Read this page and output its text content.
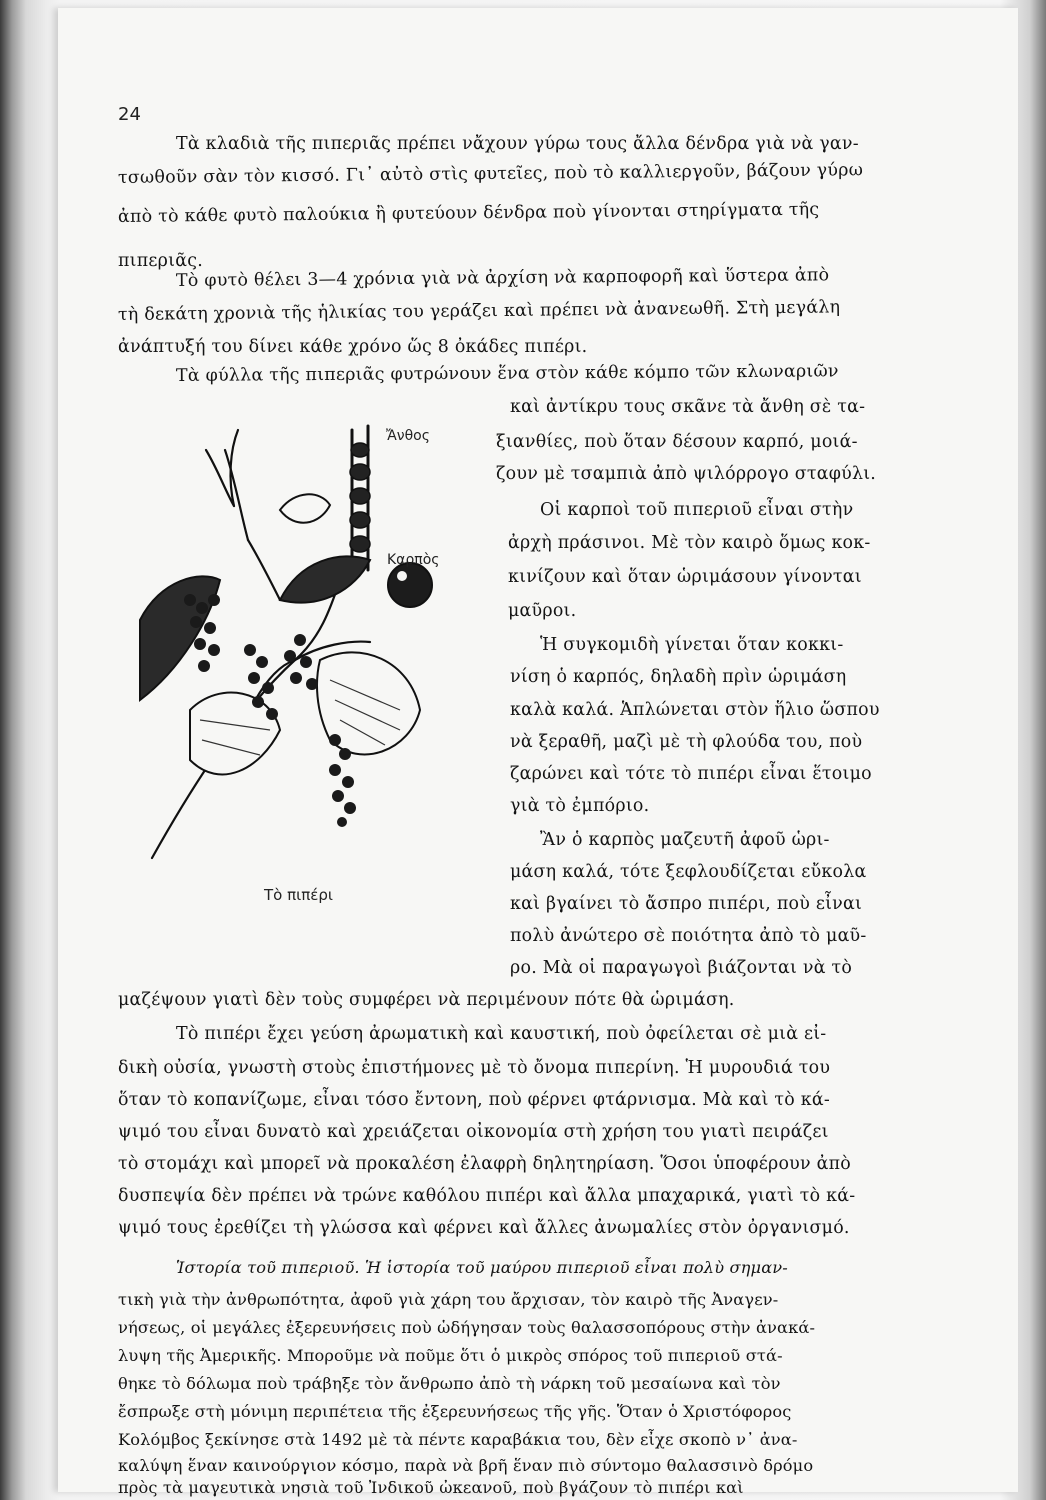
24
Τὰ κλαδιὰ τῆς πιπεριᾶς πρέπει νἄχουν γύρω τους ἄλλα δένδρα γιὰ νὰ γαν-
τσωθοῦν σὰν τὸν κισσό. Γι᾽ αὐτὸ στὶς φυτεῖες, ποὺ τὸ καλλιεργοῦν, βάζουν γύρω
ἀπὸ τὸ κάθε φυτὸ παλούκια ἢ φυτεύουν δένδρα ποὺ γίνονται στηρίγματα τῆς
πιπεριᾶς.
Τὸ φυτὸ θέλει 3—4 χρόνια γιὰ νὰ ἀρχίση νὰ καρποφορῆ καὶ ὕστερα ἀπὸ
τὴ δεκάτη χρονιὰ τῆς ἡλικίας του γεράζει καὶ πρέπει νὰ ἀνανεωθῆ. Στὴ μεγάλη
ἀνάπτυξή του δίνει κάθε χρόνο ὥς 8 ὀκάδες πιπέρι.
Τὰ φύλλα τῆς πιπεριᾶς φυτρώνουν ἕνα στὸν κάθε κόμπο τῶν κλωναριῶν
καὶ ἀντίκρυ τους σκᾶνε τὰ ἄνθη σὲ τα-
ξιανθίες, ποὺ ὅταν δέσουν καρπό, μοιά-
ζουν μὲ τσαμπιὰ ἀπὸ ψιλόρρογο σταφύλι.
Οἱ καρποὶ τοῦ πιπεριοῦ εἶναι στὴν
ἀρχὴ πράσινοι. Μὲ τὸν καιρὸ ὅμως κοκ-
κινίζουν καὶ ὅταν ὡριμάσουν γίνονται
μαῦροι.
Ἡ συγκομιδὴ γίνεται ὅταν κοκκι-
νίση ὁ καρπός, δηλαδὴ πρὶν ὡριμάση
καλὰ καλά. Ἁπλώνεται στὸν ἥλιο ὥσπου
νὰ ξεραθῆ, μαζὶ μὲ τὴ φλούδα του, ποὺ
ζαρώνει καὶ τότε τὸ πιπέρι εἶναι ἕτοιμο
γιὰ τὸ ἐμπόριο.
Ἂν ὁ καρπὸς μαζευτῆ ἀφοῦ ὡρι-
μάση καλά, τότε ξεφλουδίζεται εὔκολα
καὶ βγαίνει τὸ ἄσπρο πιπέρι, ποὺ εἶναι
πολὺ ἀνώτερο σὲ ποιότητα ἀπὸ τὸ μαῦ-
ρο. Μὰ οἱ παραγωγοὶ βιάζονται νὰ τὸ
μαζέψουν γιατὶ δὲν τοὺς συμφέρει νὰ περιμένουν πότε θὰ ὡριμάση.
Τὸ πιπέρι ἔχει γεύση ἀρωματικὴ καὶ καυστική, ποὺ ὀφείλεται σὲ μιὰ εἰ-
δικὴ οὐσία, γνωστὴ στοὺς ἐπιστήμονες μὲ τὸ ὄνομα πιπερίνη. Ἡ μυρουδιά του
ὅταν τὸ κοπανίζωμε, εἶναι τόσο ἔντονη, ποὺ φέρνει φτάρνισμα. Μὰ καὶ τὸ κά-
ψιμό του εἶναι δυνατὸ καὶ χρειάζεται οἰκονομία στὴ χρήση του γιατὶ πειράζει
τὸ στομάχι καὶ μπορεῖ νὰ προκαλέση ἐλαφρὴ δηλητηρίαση. Ὅσοι ὑποφέρουν ἀπὸ
δυσπεψία δὲν πρέπει νὰ τρώνε καθόλου πιπέρι καὶ ἄλλα μπαχαρικά, γιατὶ τὸ κά-
ψιμό τους ἐρεθίζει τὴ γλώσσα καὶ φέρνει καὶ ἄλλες ἀνωμαλίες στὸν ὀργανισμό.
Ἱστορία τοῦ πιπεριοῦ. Ἡ ἱστορία τοῦ μαύρου πιπεριοῦ εἶναι πολὺ σημαν-
τικὴ γιὰ τὴν ἀνθρωπότητα, ἀφοῦ γιὰ χάρη του ἄρχισαν, τὸν καιρὸ τῆς Ἀναγεν-
νήσεως, οἱ μεγάλες ἐξερευνήσεις ποὺ ὡδήγησαν τοὺς θαλασσοπόρους στὴν ἀνακά-
λυψη τῆς Ἀμερικῆς. Μποροῦμε νὰ ποῦμε ὅτι ὁ μικρὸς σπόρος τοῦ πιπεριοῦ στά-
θηκε τὸ δόλωμα ποὺ τράβηξε τὸν ἄνθρωπο ἀπὸ τὴ νάρκη τοῦ μεσαίωνα καὶ τὸν
ἔσπρωξε στὴ μόνιμη περιπέτεια τῆς ἐξερευνήσεως τῆς γῆς. Ὅταν ὁ Χριστόφορος
Κολόμβος ξεκίνησε στὰ 1492 μὲ τὰ πέντε καραβάκια του, δὲν εἶχε σκοπὸ ν᾽ ἀνα-
καλύψη ἕναν καινούργιον κόσμο, παρὰ νὰ βρῆ ἕναν πιὸ σύντομο θαλασσινὸ δρόμο
πρὸς τὰ μαγευτικὰ νησιὰ τοῦ Ἰνδικοῦ ὠκεανοῦ, ποὺ βγάζουν τὸ πιπέρι καὶ
Ἄνθος
Καρπὸς
Τὸ πιπέρι
